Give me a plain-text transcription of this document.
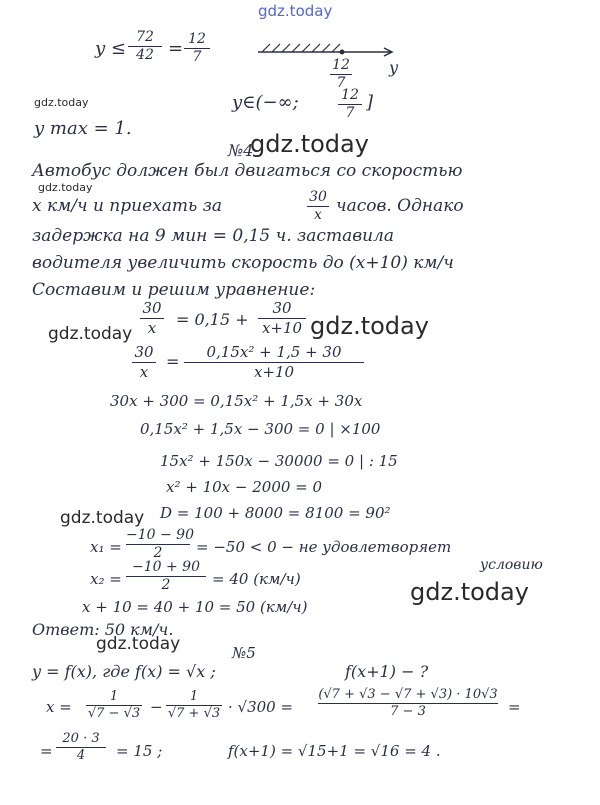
gdz.today
gdz.today
gdz.today
gdz.today
gdz.today
gdz.today
gdz.today
gdz.today
gdz.today
y ≤
72
42 = 12
7	12
7
y
y∈(−∞;	12
7
]
y max = 1.
№4
Автобус должен был двигаться со скоростью
x км/ч и приехать за	30
x часов. Однако
задержка на 9 мин = 0,15 ч. заставила
водителя увеличить скорость до (x+10) км/ч
Составим и решим уравнение:
30
x	= 0,15 +
30
x+10
30
x
=	0,15x² + 1,5 + 30
x+10
30x + 300 = 0,15x² + 1,5x + 30x
0,15x² + 1,5x − 300 = 0 | ×100
15x² + 150x − 30000 = 0 | : 15
x² + 10x − 2000 = 0
D = 100 + 8000 = 8100 = 90²
x₁ =
−10 − 90
2	= −50 < 0 − не удовлетворяет
условию
x₂ =
−10 + 90
2	= 40 (км/ч)
x + 10 = 40 + 10 = 50 (км/ч)
Ответ: 50 км/ч.
№5
y = f(x), где f(x) = √x ;	f(x+1) − ?
x =
1
√7 − √3 −
1
√7 + √3 · √300 =
(√7 + √3 − √7 + √3) · 10√3
7 − 3	=
=
20 · 3
4	= 15 ;	f(x+1) = √15+1 = √16 = 4 .
